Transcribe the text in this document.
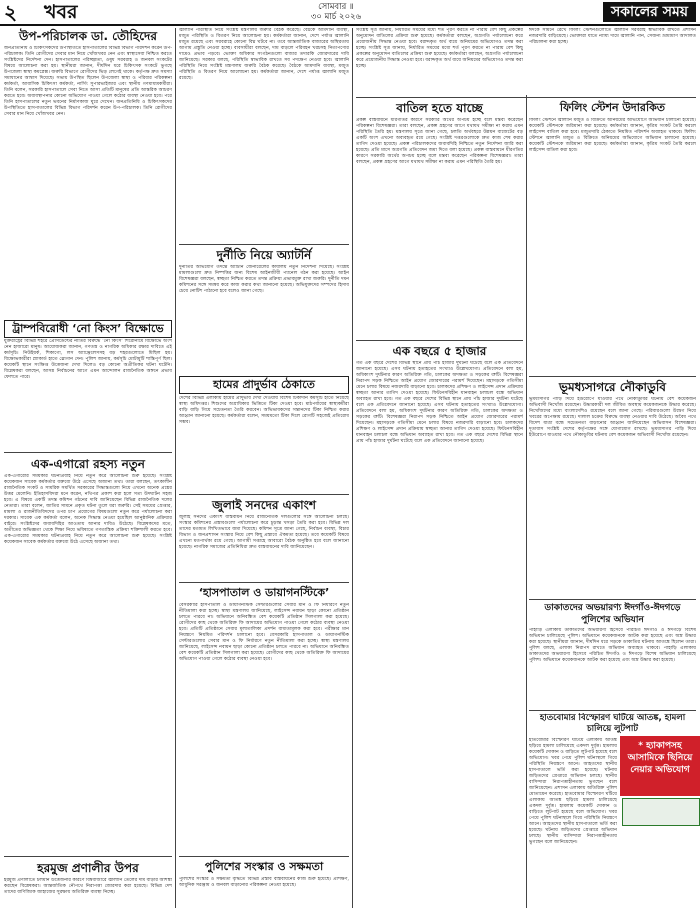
২ খবর	সোমবার ॥
৩০ মার্চ ২০২৬	সকালের সময়
উপ-পরিচালক ডা. তৌহিদের
জনপ্রতিনিধি ও চিকিৎসকদের উপস্থিতিতে হাসপাতালের বিভিন্ন বিভাগ পরিদর্শন করেন উপ-পরিচালক। তিনি রোগীদের সেবার মান নিয়ে খোঁজখবর নেন এবং স্বাস্থ্যসেবা নিশ্চিত করতে সংশ্লিষ্টদের নির্দেশনা দেন। হাসপাতালের পরিচ্ছন্নতা, ওষুধ সরবরাহ ও জনবল সংকটের বিষয়ে আলোচনা করা হয়। স্থানীয়রা জানান, দীর্ঘদিন ধরে চিকিৎসক সংকটে ভুগছে উপজেলা স্বাস্থ্য কমপ্লেক্স। জরুরি বিভাগে রোগীদের ভিড় লেগেই থাকে। কর্তৃপক্ষ দ্রুত সমস্যা সমাধানের আশ্বাস দিয়েছে। সভায় উপস্থিত ছিলেন উপজেলা স্বাস্থ্য ও পরিবার পরিকল্পনা কর্মকর্তা, আবাসিক চিকিৎসা কর্মকর্তা, নার্সিং সুপারভাইজার এবং স্থানীয় গণমাধ্যমকর্মীরা। তিনি বলেন, সরকারি হাসপাতালে সেবা নিতে আসা প্রতিটি মানুষের প্রতি আন্তরিক আচরণ করতে হবে। অব্যবস্থাপনার কোনো অভিযোগ পাওয়া গেলে কঠোর ব্যবস্থা নেওয়া হবে। পরে তিনি হাসপাতালের নতুন ভবনের নির্মাণকাজ ঘুরে দেখেন। জনপ্রতিনিধি ও চিকিৎসকদের উপস্থিতিতে হাসপাতালের বিভিন্ন বিভাগ পরিদর্শন করেন উপ-পরিচালক। তিনি রোগীদের সেবার মান নিয়ে খোঁজখবর নেন।
ট্রাম্পবিরোধী ‘নো কিংস’ বিক্ষোভে
যুক্তরাষ্ট্রের বিভিন্ন শহরে প্রেসিডেন্টের নীতির বিরুদ্ধে ‘নো কিংস’ শিরোনামে বিক্ষোভে অংশ নেন হাজারো মানুষ। আয়োজকরা জানান, গণতন্ত্র ও নাগরিক অধিকার রক্ষার দাবিতে এই কর্মসূচি। নিউইয়র্ক, শিকাগো, লস অ্যাঞ্জেলেসসহ বড় শহরগুলোতে মিছিল হয়। বিক্ষোভকারীরা প্ল্যাকার্ড হাতে স্লোগান দেন। পুলিশ জানায়, কর্মসূচি মোটামুটি শান্তিপূর্ণ ছিল। কয়েকটি স্থানে সংক্ষিপ্ত উত্তেজনা দেখা দিলেও বড় কোনো অপ্রীতিকর ঘটনা ঘটেনি। বিশ্লেষকরা বলছেন, আসন্ন নির্বাচনের আগে এমন আন্দোলন রাজনৈতিক অঙ্গনে প্রভাব ফেলতে পারে।
এক-এগারো রহস্য নতুন
এক-এগারোর সময়কার ঘটনাপ্রবাহ নিয়ে নতুন করে আলোচনা শুরু হয়েছে। সংশ্লিষ্ট কয়েকজন সাবেক কর্মকর্তার বক্তব্যে উঠে এসেছে অজানা তথ্য। তারা বলছেন, তৎকালীন রাজনৈতিক সংকট ও সামরিক সমর্থিত সরকারের সিদ্ধান্তগুলো নিয়ে এখনো অনেক প্রশ্নের উত্তর মেলেনি। ইতিহাসবিদরা মনে করেন, নথিপত্র প্রকাশ করা হলে সত্য উদঘাটন সহজ হবে। এ বিষয়ে একটি তদন্ত কমিশন গঠনের দাবি জানিয়েছেন বিভিন্ন রাজনৈতিক দলের নেতারা। তারা বলেন, জাতির সামনে প্রকৃত ঘটনা তুলে ধরা জরুরি। সেই সময়ের গ্রেপ্তার, মামলা ও রাজনীতিবিদদের ওপর চাপ প্রয়োগের বিষয়গুলো নতুন করে পর্যালোচনা করা দরকার। সাবেক এক কর্মকর্তা বলেন, অনেক সিদ্ধান্ত নেওয়া হয়েছিল আনুষ্ঠানিক প্রক্রিয়ার বাইরে। সংশ্লিষ্টদের জবাবদিহির আওতায় আনার দাবিও উঠেছে। বিশ্লেষকদের মতে, অতীতের অভিজ্ঞতা থেকে শিক্ষা নিয়ে ভবিষ্যতে গণতান্ত্রিক প্রক্রিয়া শক্তিশালী করতে হবে। এক-এগারোর সময়কার ঘটনাপ্রবাহ নিয়ে নতুন করে আলোচনা শুরু হয়েছে। সংশ্লিষ্ট কয়েকজন সাবেক কর্মকর্তার বক্তব্যে উঠে এসেছে অজানা তথ্য।
হরমুজ প্রণালীর উপর
হরমুজ প্রণালীতে চলমান উত্তেজনার কারণে বিশ্ববাজারে জ্বালানি তেলের দাম বাড়ার আশঙ্কা করছেন বিশ্লেষকরা। আন্তর্জাতিক নৌপথে নিরাপত্তা জোরদার করা হয়েছে। বিভিন্ন দেশ তাদের বাণিজ্যিক জাহাজের সুরক্ষায় অতিরিক্ত ব্যবস্থা নিচ্ছে।
জ্বালানি পরিস্থিতি নিয়ে সংশ্লিষ্ট মন্ত্রণালয় জরুরি বৈঠক করেছে। বৈঠকে আমদানি ব্যবস্থা, মজুত পরিস্থিতি ও বিতরণ নিয়ে আলোচনা হয়। কর্মকর্তারা জানান, দেশে পর্যাপ্ত জ্বালানি মজুত রয়েছে এবং সরবরাহে কোনো বিঘ্ন ঘটবে না। তবে আন্তর্জাতিক বাজারের অস্থিরতায় আগাম প্রস্তুতি নেওয়া হচ্ছে। ব্যবসায়ীরা বলছেন, দাম বাড়লে পরিবহন খরচসহ নিত্যপণ্যের দামেও প্রভাব পড়বে। ভোক্তা অধিকার সংগঠনগুলো বাজার তদারকি জোরদারের দাবি জানিয়েছে। সরকার বলছে, পরিস্থিতি স্বাভাবিক রাখতে সব পদক্ষেপ নেওয়া হবে। জ্বালানি পরিস্থিতি নিয়ে সংশ্লিষ্ট মন্ত্রণালয় জরুরি বৈঠক করেছে। বৈঠকে আমদানি ব্যবস্থা, মজুত পরিস্থিতি ও বিতরণ নিয়ে আলোচনা হয়। কর্মকর্তারা জানান, দেশে পর্যাপ্ত জ্বালানি মজুত রয়েছে।
দুর্নীতি নিয়ে অ্যাটর্নি
দুর্নীতির অভিযোগ তদন্তে অ্যাটর্নি জেনারেলের কার্যালয় নতুন নির্দেশনা দিয়েছে। সংশ্লিষ্ট মামলাগুলো দ্রুত নিষ্পত্তির জন্য বিশেষ আইনজীবী প্যানেল গঠন করা হয়েছে। আইন বিশেষজ্ঞরা বলছেন, স্বচ্ছতা নিশ্চিত করতে তদন্ত প্রক্রিয়া প্রভাবমুক্ত রাখা জরুরি। দুর্নীতি দমন কমিশনের সঙ্গে সমন্বয় করে কাজ করার কথা জানানো হয়েছে। অভিযুক্তদের সম্পদের হিসাব চেয়ে নোটিশ পাঠানো হবে বলেও জানা গেছে।
হামের প্রাদুর্ভাব ঠেকাতে
দেশের বিভিন্ন এলাকায় হামের প্রাদুর্ভাব দেখা দেওয়ায় বিশেষ টিকাদান কর্মসূচি হাতে নিয়েছে স্বাস্থ্য অধিদপ্তর। শিশুদের অগ্রাধিকার ভিত্তিতে টিকা দেওয়া হবে। মাঠপর্যায়ের স্বাস্থ্যকর্মীরা বাড়ি বাড়ি গিয়ে সচেতনতা তৈরি করবেন। অভিভাবকদের সন্তানদের টিকা নিশ্চিত করার আহ্বান জানানো হয়েছে। কর্মকর্তারা বলেন, সময়মতো টিকা দিলে রোগটি সহজেই প্রতিরোধ সম্ভব।
জুলাই সনদের একাংশ
জুলাই সনদের একাংশ বাস্তবায়ন নিয়ে রাজনৈতিক দলগুলোর সঙ্গে আলোচনা চলছে। সংস্কার কমিশনের প্রস্তাবগুলো পর্যালোচনা করে চূড়ান্ত খসড়া তৈরি করা হবে। বিভিন্ন দল তাদের মতামত লিখিতভাবে জমা দিয়েছে। কমিশন সূত্রে জানা গেছে, নির্বাচন ব্যবস্থা, বিচার বিভাগ ও জনপ্রশাসন সংস্কার নিয়ে বেশ কিছু প্রস্তাবে ঐকমত্য হয়েছে। তবে কয়েকটি বিষয়ে এখনো মতপার্থক্য রয়ে গেছে। আগামী সপ্তাহে আবারো বৈঠক অনুষ্ঠিত হবে বলে জানানো হয়েছে। নাগরিক সমাজের প্রতিনিধিরা দ্রুত বাস্তবায়নের দাবি জানিয়েছেন।
‘হাসপাতাল ও ডায়াগনস্টিকে’
বেসরকারি হাসপাতাল ও ডায়াগনস্টিক সেন্টারগুলোর সেবার মান ও ফি নির্ধারণে নতুন নীতিমালা করা হচ্ছে। স্বাস্থ্য মন্ত্রণালয় জানিয়েছে, লাইসেন্স নবায়ন ছাড়া কোনো প্রতিষ্ঠান চলতে পারবে না। অভিযানে অনিবন্ধিত বেশ কয়েকটি প্রতিষ্ঠান সিলগালা করা হয়েছে। রোগীদের কাছ থেকে অতিরিক্ত ফি আদায়ের অভিযোগ পাওয়া গেলে কঠোর ব্যবস্থা নেওয়া হবে। প্রতিটি প্রতিষ্ঠানে সেবার মূল্যতালিকা প্রদর্শন বাধ্যতামূলক করা হবে। পরীক্ষার মান নিয়ন্ত্রণে নিয়মিত পরিদর্শন চালানো হবে। বেসরকারি হাসপাতাল ও ডায়াগনস্টিক সেন্টারগুলোর সেবার মান ও ফি নির্ধারণে নতুন নীতিমালা করা হচ্ছে। স্বাস্থ্য মন্ত্রণালয় জানিয়েছে, লাইসেন্স নবায়ন ছাড়া কোনো প্রতিষ্ঠান চলতে পারবে না। অভিযানে অনিবন্ধিত বেশ কয়েকটি প্রতিষ্ঠান সিলগালা করা হয়েছে। রোগীদের কাছ থেকে অতিরিক্ত ফি আদায়ের অভিযোগ পাওয়া গেলে কঠোর ব্যবস্থা নেওয়া হবে।
পুলিশের সংস্কার ও সক্ষমতা
পুলিশের সংস্কার ও সক্ষমতা বৃদ্ধিতে বিভিন্ন প্রস্তাব বাস্তবায়নের কাজ শুরু হয়েছে। প্রশিক্ষণ, আধুনিক সরঞ্জাম ও জনবল বাড়ানোর পরিকল্পনা নেওয়া হয়েছে।
সংশ্লিষ্ট সূত্র জানায়, নির্ধারিত সময়ের মধ্যে শর্ত পূরণ করতে না পারায় বেশ কিছু প্রকল্পের অনুমোদন বাতিলের প্রক্রিয়া শুরু হয়েছে। কর্মকর্তারা বলছেন, অগ্রগতি পর্যালোচনা করে প্রয়োজনীয় সিদ্ধান্ত নেওয়া হবে। বরাদ্দকৃত অর্থ ব্যয়ে অনিয়মের অভিযোগও তদন্ত করা হচ্ছে। সংশ্লিষ্ট সূত্র জানায়, নির্ধারিত সময়ের মধ্যে শর্ত পূরণ করতে না পারায় বেশ কিছু প্রকল্পের অনুমোদন বাতিলের প্রক্রিয়া শুরু হয়েছে। কর্মকর্তারা বলছেন, অগ্রগতি পর্যালোচনা করে প্রয়োজনীয় সিদ্ধান্ত নেওয়া হবে। বরাদ্দকৃত অর্থ ব্যয়ে অনিয়মের অভিযোগও তদন্ত করা হচ্ছে।
ঈদকে সামনে রেখে ফিলিং স্টেশনগুলোতে জ্বালানি সরবরাহ স্বাভাবিক রাখতে প্রশাসন নজরদারি বাড়িয়েছে। ভোক্তারা যাতে ন্যায্য দামে জ্বালানি পান, সেজন্য ভ্রাম্যমাণ আদালত পরিচালনা করা হচ্ছে।
বাতিল হতে যাচ্ছে
প্রকল্প বাস্তবায়নে ধীরগতির কারণে সরকারি অর্থের অপচয় হচ্ছে বলে মন্তব্য করেছেন পরিকল্পনা বিশেষজ্ঞরা। তারা বলছেন, প্রকল্প গ্রহণের আগে যথাযথ সমীক্ষা না করায় এমন পরিস্থিতি তৈরি হয়। মন্ত্রণালয় সূত্রে জানা গেছে, চলতি অর্থবছরে উন্নয়ন বাজেটের বড় একটি অংশ এখনো অব্যবহৃত রয়ে গেছে। সংশ্লিষ্ট দপ্তরগুলোকে দ্রুত কাজ শেষ করার তাগিদ দেওয়া হয়েছে। প্রকল্প পরিচালকদের জবাবদিহি নিশ্চিতে নতুন নির্দেশনা জারি করা হয়েছে। প্রতি মাসে অগ্রগতি প্রতিবেদন জমা দিতে বলা হয়েছে। প্রকল্প বাস্তবায়নে ধীরগতির কারণে সরকারি অর্থের অপচয় হচ্ছে বলে মন্তব্য করেছেন পরিকল্পনা বিশেষজ্ঞরা। তারা বলছেন, প্রকল্প গ্রহণের আগে যথাযথ সমীক্ষা না করায় এমন পরিস্থিতি তৈরি হয়।
এক বছরে ৫ হাজার
গত এক বছরে দেশের বিভিন্ন স্থানে প্রায় পাঁচ হাজার দুর্ঘটনা ঘটেছে বলে এক প্রতিবেদনে জানানো হয়েছে। এসব ঘটনায় হতাহতের সংখ্যাও উল্লেখযোগ্য। প্রতিবেদনে বলা হয়, অধিকাংশ দুর্ঘটনার কারণ অতিরিক্ত গতি, চালকের অদক্ষতা ও সড়কের ত্রুটি। বিশেষজ্ঞরা নিরাপদ সড়ক নিশ্চিতে আইন প্রয়োগ জোরদারের পরামর্শ দিয়েছেন। মহাসড়কে গতিসীমা মেনে চলার বিষয়ে নজরদারি বাড়ানো হবে। চালকদের প্রশিক্ষণ ও লাইসেন্স প্রদান প্রক্রিয়ায় স্বচ্ছতা আনার তাগিদ দেওয়া হয়েছে। ফিটনেসবিহীন যানবাহন চলাচল বন্ধে অভিযান অব্যাহত রাখা হবে। গত এক বছরে দেশের বিভিন্ন স্থানে প্রায় পাঁচ হাজার দুর্ঘটনা ঘটেছে বলে এক প্রতিবেদনে জানানো হয়েছে। এসব ঘটনায় হতাহতের সংখ্যাও উল্লেখযোগ্য। প্রতিবেদনে বলা হয়, অধিকাংশ দুর্ঘটনার কারণ অতিরিক্ত গতি, চালকের অদক্ষতা ও সড়কের ত্রুটি। বিশেষজ্ঞরা নিরাপদ সড়ক নিশ্চিতে আইন প্রয়োগ জোরদারের পরামর্শ দিয়েছেন। মহাসড়কে গতিসীমা মেনে চলার বিষয়ে নজরদারি বাড়ানো হবে। চালকদের প্রশিক্ষণ ও লাইসেন্স প্রদান প্রক্রিয়ায় স্বচ্ছতা আনার তাগিদ দেওয়া হয়েছে। ফিটনেসবিহীন যানবাহন চলাচল বন্ধে অভিযান অব্যাহত রাখা হবে। গত এক বছরে দেশের বিভিন্ন স্থানে প্রায় পাঁচ হাজার দুর্ঘটনা ঘটেছে বলে এক প্রতিবেদনে জানানো হয়েছে।
ফিলিং স্টেশন উদারকিত
ফিলিং স্টেশনে জ্বালানি মজুত ও বিক্রিতে অনিয়মের অভিযোগে অভিযান চালানো হয়েছে। কয়েকটি স্টেশনকে জরিমানা করা হয়েছে। কর্মকর্তারা জানান, কৃত্রিম সংকট তৈরি করলে লাইসেন্স বাতিল করা হবে। মজুতদারি ঠেকাতে নিয়মিত পরিদর্শন অব্যাহত থাকবে। ফিলিং স্টেশনে জ্বালানি মজুত ও বিক্রিতে অনিয়মের অভিযোগে অভিযান চালানো হয়েছে। কয়েকটি স্টেশনকে জরিমানা করা হয়েছে। কর্মকর্তারা জানান, কৃত্রিম সংকট তৈরি করলে লাইসেন্স বাতিল করা হবে।
ভূমধ্যসাগরে নৌকাডুবি
ভূমধ্যসাগর পাড়ি দিয়ে ইউরোপে যাওয়ার পথে নৌকাডুবির ঘটনায় বেশ কয়েকজন অভিবাসী নিখোঁজ রয়েছেন। উদ্ধারকারী দল জীবিত অবস্থায় কয়েকজনকে উদ্ধার করেছে। নিখোঁজদের মধ্যে বাংলাদেশিও রয়েছেন বলে জানা গেছে। পরিবারগুলো উদ্বেগ নিয়ে খবরের অপেক্ষায় রয়েছে। দালাল চক্রের বিরুদ্ধে ব্যবস্থা নেওয়ার দাবি উঠেছে। অবৈধ পথে বিদেশ যাত্রা বন্ধে সচেতনতা বাড়ানোর আহ্বান জানিয়েছেন অভিবাসন বিশেষজ্ঞরা। দূতাবাস সংশ্লিষ্ট দেশের কর্তৃপক্ষের সঙ্গে যোগাযোগ রাখছে। ভূমধ্যসাগর পাড়ি দিয়ে ইউরোপে যাওয়ার পথে নৌকাডুবির ঘটনায় বেশ কয়েকজন অভিবাসী নিখোঁজ রয়েছেন।
ডাকাতদের অভয়ারণ্য ঈদগাঁও-ঈদগড়ে পুলিশের অভিযান
পাহাড়ি এলাকায় ডাকাতদের অভয়ারণ্য হিসেবে পরিচিত ঈদগাঁও ও ঈদগড়ে বিশেষ অভিযান চালিয়েছে পুলিশ। অভিযানে কয়েকজনকে আটক করা হয়েছে এবং অস্ত্র উদ্ধার করা হয়েছে। স্থানীয়রা জানান, দীর্ঘদিন ধরে সড়কে ডাকাতির ঘটনায় আতঙ্কে ছিলেন তারা। পুলিশ বলছে, এলাকা নিরাপদ রাখতে অভিযান অব্যাহত থাকবে। পাহাড়ি এলাকায় ডাকাতদের অভয়ারণ্য হিসেবে পরিচিত ঈদগাঁও ও ঈদগড়ে বিশেষ অভিযান চালিয়েছে পুলিশ। অভিযানে কয়েকজনকে আটক করা হয়েছে এবং অস্ত্র উদ্ধার করা হয়েছে।
হাতবোমার বিস্ফোরণ ঘটিয়ে আতঙ্ক, হামলা চালিয়ে লুটপাট
হাতবোমার বিস্ফোরণ ঘটিয়ে এলাকায় আতঙ্ক ছড়িয়ে হামলা চালিয়েছে একদল দুর্বৃত্ত। হামলায় কয়েকটি দোকান ও বাড়িতে লুটপাট হয়েছে বলে অভিযোগ। খবর পেয়ে পুলিশ ঘটনাস্থলে গিয়ে পরিস্থিতি নিয়ন্ত্রণে আনে। আহতদের স্থানীয় হাসপাতালে ভর্তি করা হয়েছে। ঘটনায় জড়িতদের গ্রেপ্তারে অভিযান চলছে। স্থানীয় বাসিন্দারা নিরাপত্তাহীনতায় ভুগছেন বলে জানিয়েছেন। প্রশাসন এলাকায় অতিরিক্ত পুলিশ মোতায়েন করেছে। হাতবোমার বিস্ফোরণ ঘটিয়ে এলাকায় আতঙ্ক ছড়িয়ে হামলা চালিয়েছে একদল দুর্বৃত্ত। হামলায় কয়েকটি দোকান ও বাড়িতে লুটপাট হয়েছে বলে অভিযোগ। খবর পেয়ে পুলিশ ঘটনাস্থলে গিয়ে পরিস্থিতি নিয়ন্ত্রণে আনে। আহতদের স্থানীয় হাসপাতালে ভর্তি করা হয়েছে। ঘটনায় জড়িতদের গ্রেপ্তারে অভিযান চলছে। স্থানীয় বাসিন্দারা নিরাপত্তাহীনতায় ভুগছেন বলে জানিয়েছেন।
* হ্যাকাপসহ আসামিকে ছিনিয়ে নেয়ার অভিযোগ
